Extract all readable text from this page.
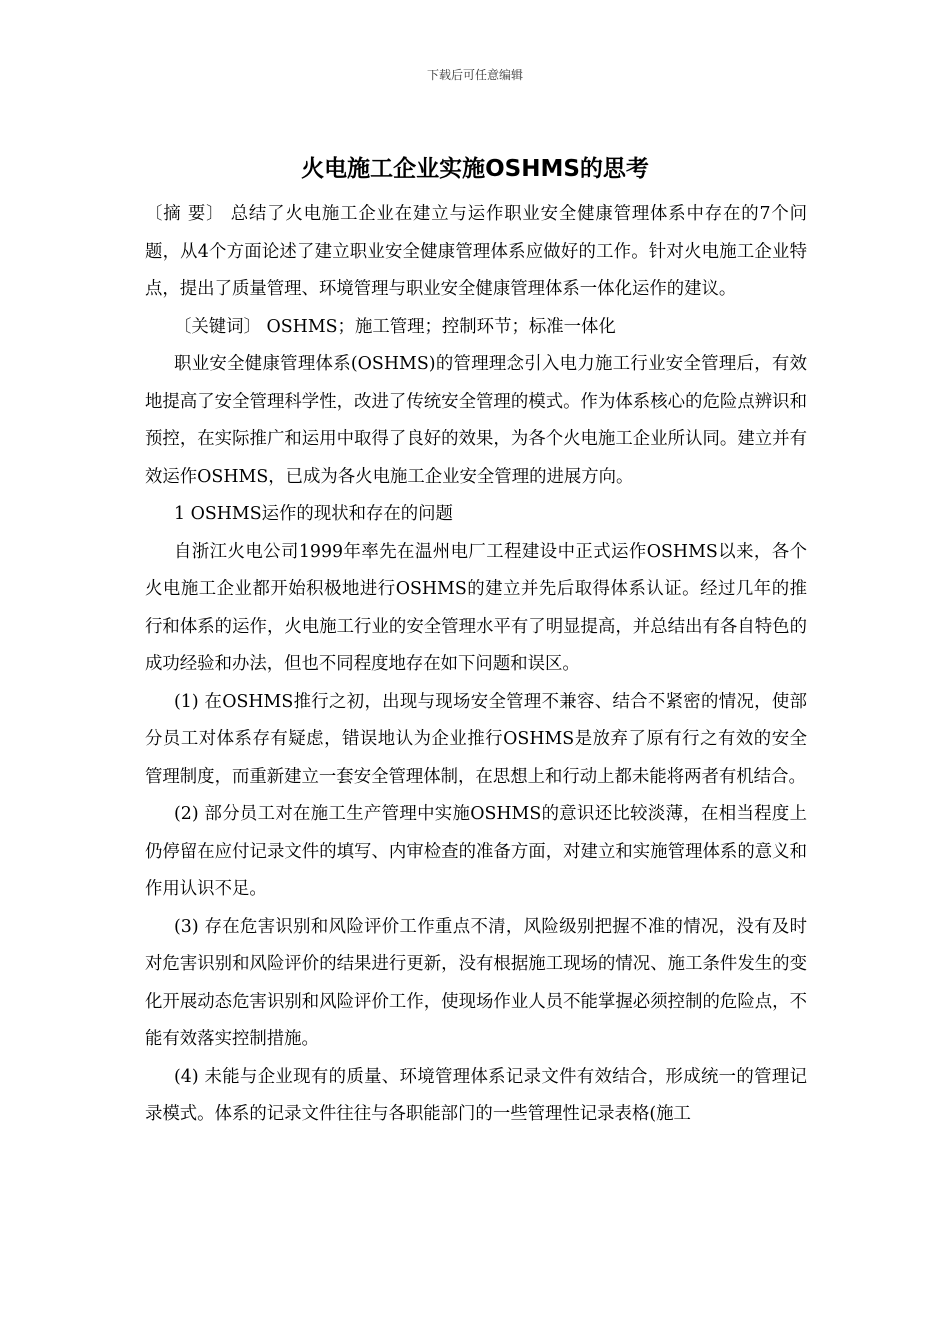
下载后可任意编辑
火电施工企业实施OSHMS的思考

〔摘 要〕 总结了火电施工企业在建立与运作职业安全健康管理体系中存在的7个问题，从4个方面论述了建立职业安全健康管理体系应做好的工作。针对火电施工企业特点，提出了质量管理、环境管理与职业安全健康管理体系一体化运作的建议。

〔关键词〕 OSHMS；施工管理；控制环节；标准一体化

职业安全健康管理体系(OSHMS)的管理理念引入电力施工行业安全管理后，有效地提高了安全管理科学性，改进了传统安全管理的模式。作为体系核心的危险点辨识和预控，在实际推广和运用中取得了良好的效果，为各个火电施工企业所认同。建立并有效运作OSHMS，已成为各火电施工企业安全管理的进展方向。

1 OSHMS运作的现状和存在的问题

自浙江火电公司1999年率先在温州电厂工程建设中正式运作OSHMS以来，各个火电施工企业都开始积极地进行OSHMS的建立并先后取得体系认证。经过几年的推行和体系的运作，火电施工行业的安全管理水平有了明显提高，并总结出有各自特色的成功经验和办法，但也不同程度地存在如下问题和误区。

(1) 在OSHMS推行之初，出现与现场安全管理不兼容、结合不紧密的情况，使部分员工对体系存有疑虑，错误地认为企业推行OSHMS是放弃了原有行之有效的安全管理制度，而重新建立一套安全管理体制，在思想上和行动上都未能将两者有机结合。

(2) 部分员工对在施工生产管理中实施OSHMS的意识还比较淡薄，在相当程度上仍停留在应付记录文件的填写、内审检查的准备方面，对建立和实施管理体系的意义和作用认识不足。

(3) 存在危害识别和风险评价工作重点不清，风险级别把握不准的情况，没有及时对危害识别和风险评价的结果进行更新，没有根据施工现场的情况、施工条件发生的变化开展动态危害识别和风险评价工作，使现场作业人员不能掌握必须控制的危险点，不能有效落实控制措施。

(4) 未能与企业现有的质量、环境管理体系记录文件有效结合，形成统一的管理记录模式。体系的记录文件往往与各职能部门的一些管理性记录表格(施工
